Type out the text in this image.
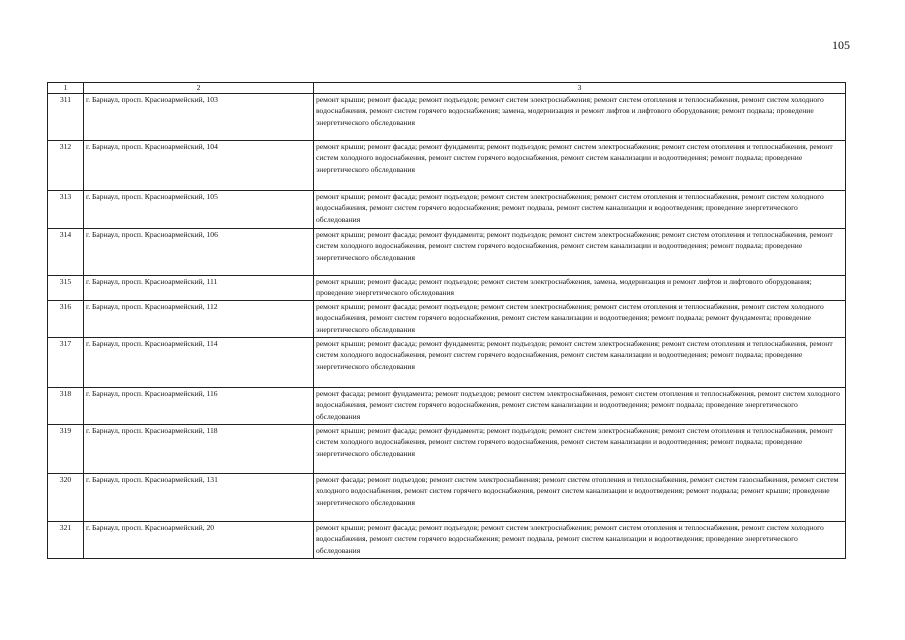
105
1	2	3
311	г. Барнаул, просп. Красноармейский, 103	ремонт крыши; ремонт фасада; ремонт подъездов; ремонт систем электроснабжения; ремонт систем отопления и теплоснабжения, ремонт систем холодного водоснабжения, ремонт систем горячего водоснабжения; замена, модернизация и ремонт лифтов и лифтового оборудования; ремонт подвала; проведение энергетического обследования
312	г. Барнаул, просп. Красноармейский, 104	ремонт крыши; ремонт фасада; ремонт фундамента; ремонт подъездов; ремонт систем электроснабжения; ремонт систем отопления и теплоснабжения, ремонт систем холодного водоснабжения, ремонт систем горячего водоснабжения, ремонт систем канализации и водоотведения; ремонт подвала; проведение энергетического обследования
313	г. Барнаул, просп. Красноармейский, 105	ремонт крыши; ремонт фасада; ремонт подъездов; ремонт систем электроснабжения; ремонт систем отопления и теплоснабжения, ремонт систем холодного водоснабжения, ремонт систем горячего водоснабжения; ремонт подвала, ремонт систем канализации и водоотведения; проведение энергетического обследования
314	г. Барнаул, просп. Красноармейский, 106	ремонт крыши; ремонт фасада; ремонт фундамента; ремонт подъездов; ремонт систем электроснабжения; ремонт систем отопления и теплоснабжения, ремонт систем холодного водоснабжения, ремонт систем горячего водоснабжения, ремонт систем канализации и водоотведения; ремонт подвала; проведение энергетического обследования
315	г. Барнаул, просп. Красноармейский, 111	ремонт крыши; ремонт фасада; ремонт подъездов; ремонт систем электроснабжения, замена, модернизация и ремонт лифтов и лифтового оборудования; проведение энергетического обследования
316	г. Барнаул, просп. Красноармейский, 112	ремонт крыши; ремонт фасада; ремонт подъездов; ремонт систем электроснабжения; ремонт систем отопления и теплоснабжения, ремонт систем холодного водоснабжения, ремонт систем горячего водоснабжения, ремонт систем канализации и водоотведения; ремонт подвала; ремонт фундамента; проведение энергетического обследования
317	г. Барнаул, просп. Красноармейский, 114	ремонт крыши; ремонт фасада; ремонт фундамента; ремонт подъездов; ремонт систем электроснабжения; ремонт систем отопления и теплоснабжения, ремонт систем холодного водоснабжения, ремонт систем горячего водоснабжения, ремонт систем канализации и водоотведения; ремонт подвала; проведение энергетического обследования
318	г. Барнаул, просп. Красноармейский, 116	ремонт фасада; ремонт фундамента; ремонт подъездов; ремонт систем электроснабжения, ремонт систем отопления и теплоснабжения, ремонт систем холодного водоснабжения, ремонт систем горячего водоснабжения, ремонт систем канализации и водоотведения; ремонт подвала; проведение энергетического обследования
319	г. Барнаул, просп. Красноармейский, 118	ремонт крыши; ремонт фасада; ремонт фундамента; ремонт подъездов; ремонт систем электроснабжения; ремонт систем отопления и теплоснабжения, ремонт систем холодного водоснабжения, ремонт систем горячего водоснабжения, ремонт систем канализации и водоотведения; ремонт подвала; проведение энергетического обследования
320	г. Барнаул, просп. Красноармейский, 131	ремонт фасада; ремонт подъездов; ремонт систем электроснабжения; ремонт систем отопления и теплоснабжения, ремонт систем газоснабжения, ремонт систем холодного водоснабжения, ремонт систем горячего водоснабжения, ремонт систем канализации и водоотведения; ремонт подвала; ремонт крыши; проведение энергетического обследования
321	г. Барнаул, просп. Красноармейский, 20	ремонт крыши; ремонт фасада; ремонт подъездов; ремонт систем электроснабжения; ремонт систем отопления и теплоснабжения, ремонт систем холодного водоснабжения, ремонт систем горячего водоснабжения; ремонт подвала, ремонт систем канализации и водоотведения; проведение энергетического обследования
